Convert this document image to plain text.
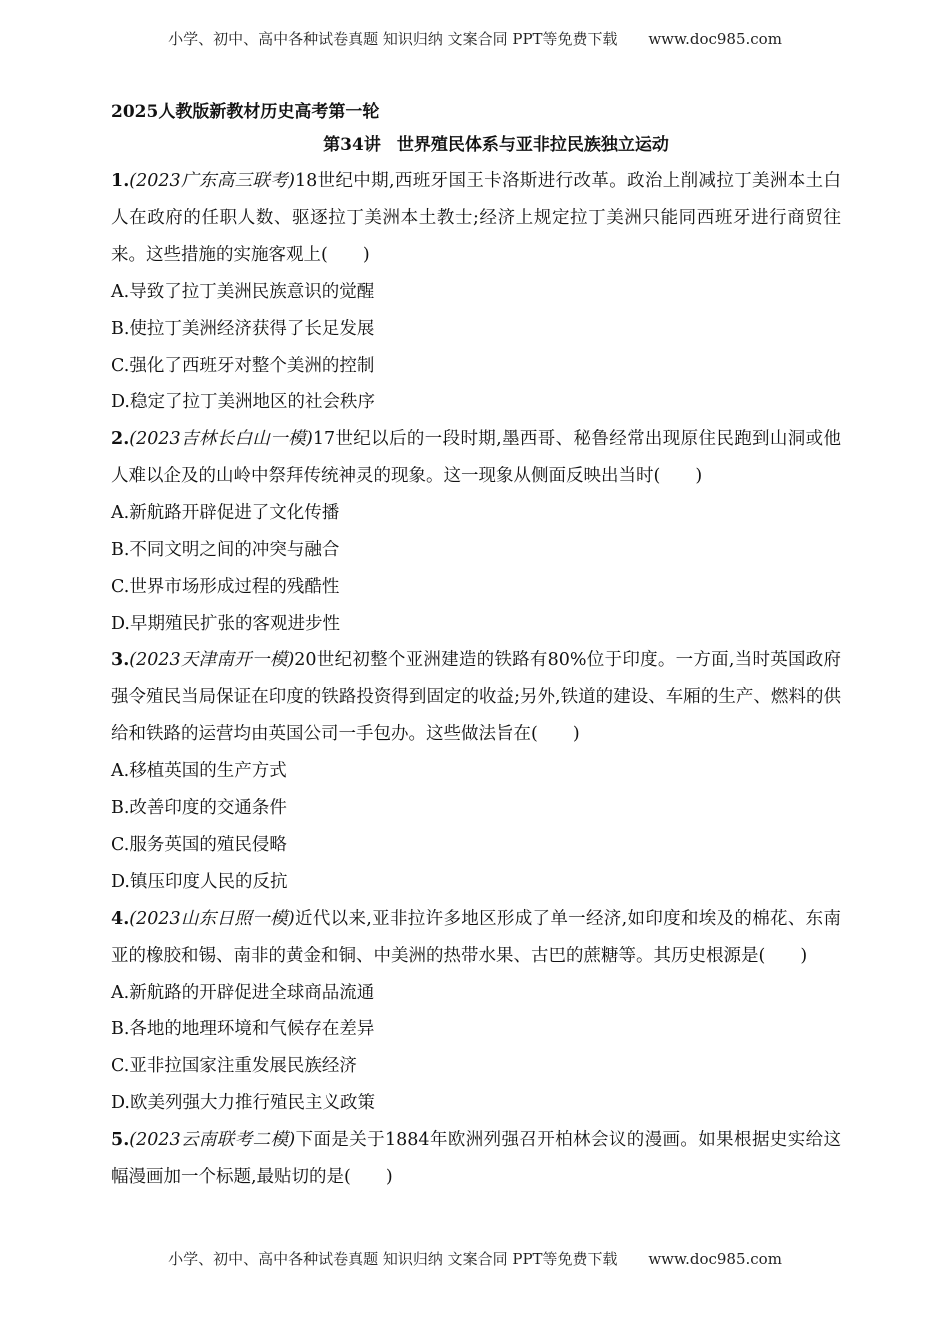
小学、初中、高中各种试卷真题 知识归纳 文案合同 PPT等免费下载 www.doc985.com
2025人教版新教材历史高考第一轮
第34讲 世界殖民体系与亚非拉民族独立运动

1.(2023广东高三联考)18世纪中期,西班牙国王卡洛斯进行改革。政治上削减拉丁美洲本土白人在政府的任职人数、驱逐拉丁美洲本土教士;经济上规定拉丁美洲只能同西班牙进行商贸往来。这些措施的实施客观上(　　)

A.导致了拉丁美洲民族意识的觉醒

B.使拉丁美洲经济获得了长足发展

C.强化了西班牙对整个美洲的控制

D.稳定了拉丁美洲地区的社会秩序

2.(2023吉林长白山一模)17世纪以后的一段时期,墨西哥、秘鲁经常出现原住民跑到山洞或他人难以企及的山岭中祭拜传统神灵的现象。这一现象从侧面反映出当时(　　)

A.新航路开辟促进了文化传播

B.不同文明之间的冲突与融合

C.世界市场形成过程的残酷性

D.早期殖民扩张的客观进步性

3.(2023天津南开一模)20世纪初整个亚洲建造的铁路有80%位于印度。一方面,当时英国政府强令殖民当局保证在印度的铁路投资得到固定的收益;另外,铁道的建设、车厢的生产、燃料的供给和铁路的运营均由英国公司一手包办。这些做法旨在(　　)

A.移植英国的生产方式

B.改善印度的交通条件

C.服务英国的殖民侵略

D.镇压印度人民的反抗

4.(2023山东日照一模)近代以来,亚非拉许多地区形成了单一经济,如印度和埃及的棉花、东南亚的橡胶和锡、南非的黄金和铜、中美洲的热带水果、古巴的蔗糖等。其历史根源是(　　)

A.新航路的开辟促进全球商品流通

B.各地的地理环境和气候存在差异

C.亚非拉国家注重发展民族经济

D.欧美列强大力推行殖民主义政策

5.(2023云南联考二模)下面是关于1884年欧洲列强召开柏林会议的漫画。如果根据史实给这幅漫画加一个标题,最贴切的是(　　)

小学、初中、高中各种试卷真题 知识归纳 文案合同 PPT等免费下载 www.doc985.com
